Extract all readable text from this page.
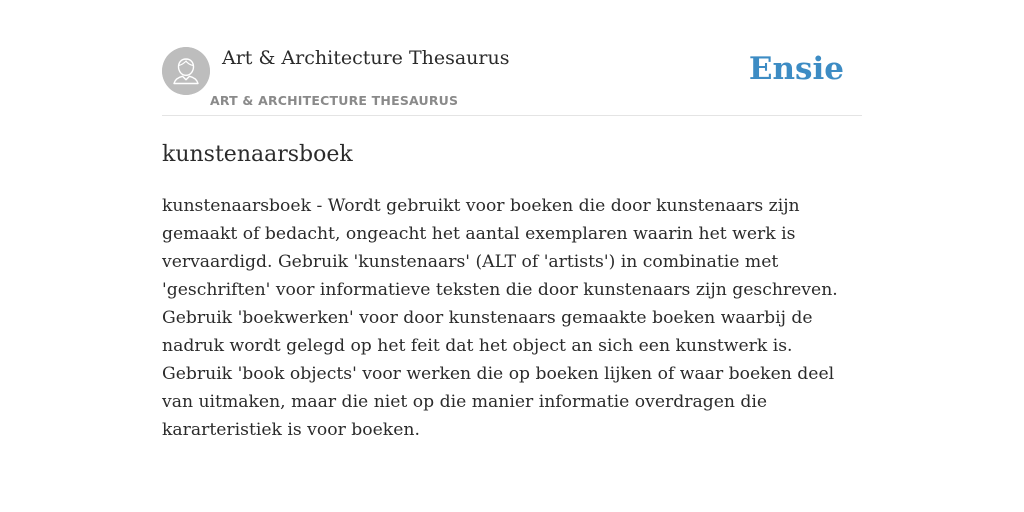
Art & Architecture Thesaurus
ART & ARCHITECTURE THESAURUS
Ensie
kunstenaarsboek

kunstenaarsboek - Wordt gebruikt voor boeken die door kunstenaars zijn gemaakt of bedacht, ongeacht het aantal exemplaren waarin het werk is vervaardigd. Gebruik 'kunstenaars' (ALT of 'artists') in combinatie met 'geschriften' voor informatieve teksten die door kunstenaars zijn geschreven. Gebruik 'boekwerken' voor door kunstenaars gemaakte boeken waarbij de nadruk wordt gelegd op het feit dat het object an sich een kunstwerk is. Gebruik 'book objects' voor werken die op boeken lijken of waar boeken deel van uitmaken, maar die niet op die manier informatie overdragen die kararteristiek is voor boeken.
